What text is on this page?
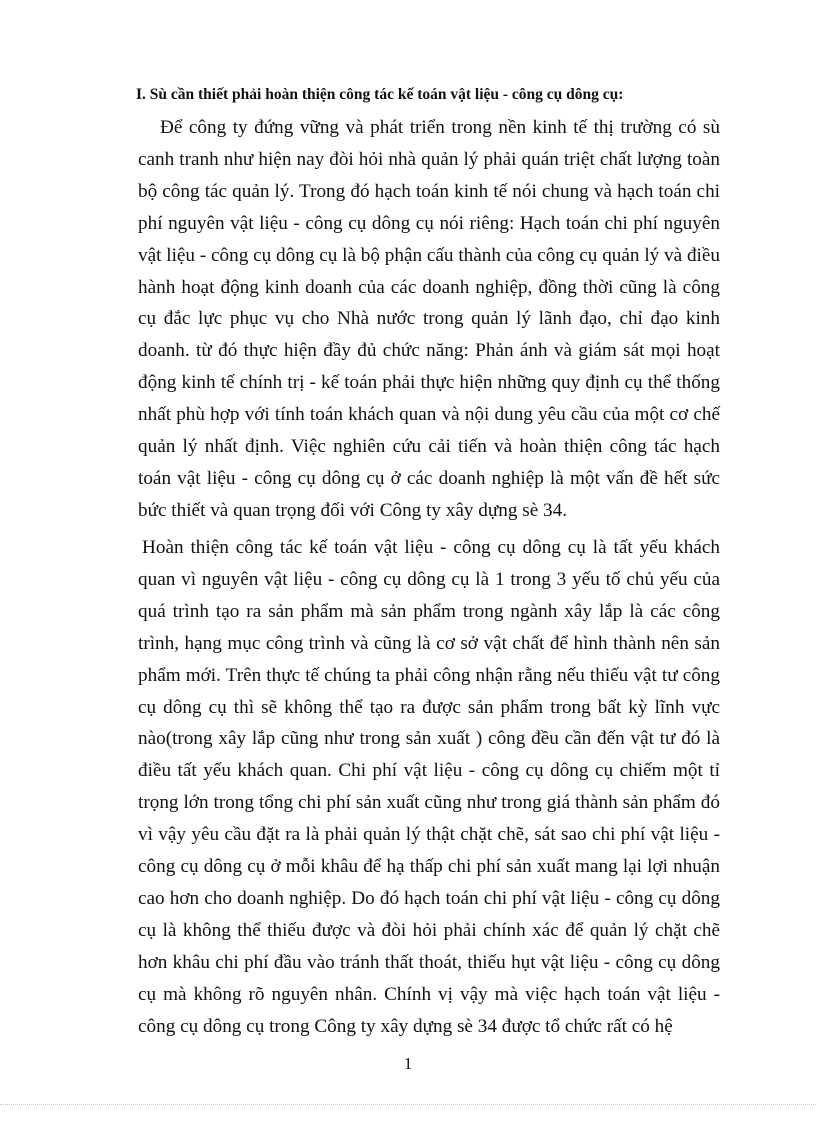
I. Sù cần thiết phải hoàn thiện công tác kế toán vật liệu - công cụ dông cụ:

Để công ty đứng vững và phát triển trong nền kinh tế thị trường có sù canh tranh như hiện nay đòi hỏi nhà quản lý phải quán triệt chất lượng toàn bộ công tác quản lý. Trong đó hạch toán kinh tế nói chung và hạch toán chi phí nguyên vật liệu - công cụ dông cụ nói riêng: Hạch toán chi phí nguyên vật liệu - công cụ dông cụ là bộ phận cấu thành của công cụ quản lý và điều hành hoạt động kinh doanh của các doanh nghiệp, đồng thời cũng là công cụ đắc lực phục vụ cho Nhà nước trong quản lý lãnh đạo, chỉ đạo kinh doanh. từ đó thực hiện đầy đủ chức năng: Phản ánh và giám sát mọi hoạt động kinh tế chính trị - kế toán phải thực hiện những quy định cụ thể thống nhất phù hợp với tính toán khách quan và nội dung yêu cầu của một cơ chế quản lý nhất định. Việc nghiên cứu cải tiến và hoàn thiện công tác hạch toán vật liệu - công cụ dông cụ ở các doanh nghiệp là một vấn đề hết sức bức thiết và quan trọng đối với Công ty xây dựng sè 34.

Hoàn thiện công tác kế toán vật liệu - công cụ dông cụ là tất yếu khách quan vì nguyên vật liệu - công cụ dông cụ là 1 trong 3 yếu tố chủ yếu của quá trình tạo ra sản phẩm mà sản phẩm trong ngành xây lắp là các công trình, hạng mục công trình và cũng là cơ sở vật chất để hình thành nên sản phẩm mới. Trên thực tế chúng ta phải công nhận rằng nếu thiếu vật tư công cụ dông cụ thì sẽ không thể tạo ra được sản phẩm trong bất kỳ lĩnh vực nào(trong xây lắp cũng như trong sản xuất ) công đều cần đến vật tư đó là điều tất yếu khách quan. Chi phí vật liệu - công cụ dông cụ chiếm một tỉ trọng lớn trong tổng chi phí sản xuất cũng như trong giá thành sản phẩm đó vì vậy yêu cầu đặt ra là phải quản lý thật chặt chẽ, sát sao chi phí vật liệu - công cụ dông cụ ở mỗi khâu để hạ thấp chi phí sản xuất mang lại lợi nhuận cao hơn cho doanh nghiệp. Do đó hạch toán chi phí vật liệu - công cụ dông cụ là không thể thiếu được và đòi hỏi phải chính xác để quản lý chặt chẽ hơn khâu chi phí đầu vào tránh thất thoát, thiếu hụt vật liệu - công cụ dông cụ mà không rõ nguyên nhân. Chính vị vậy mà việc hạch toán vật liệu - công cụ dông cụ trong Công ty xây dựng sè 34 được tổ chức rất có hệ

1
